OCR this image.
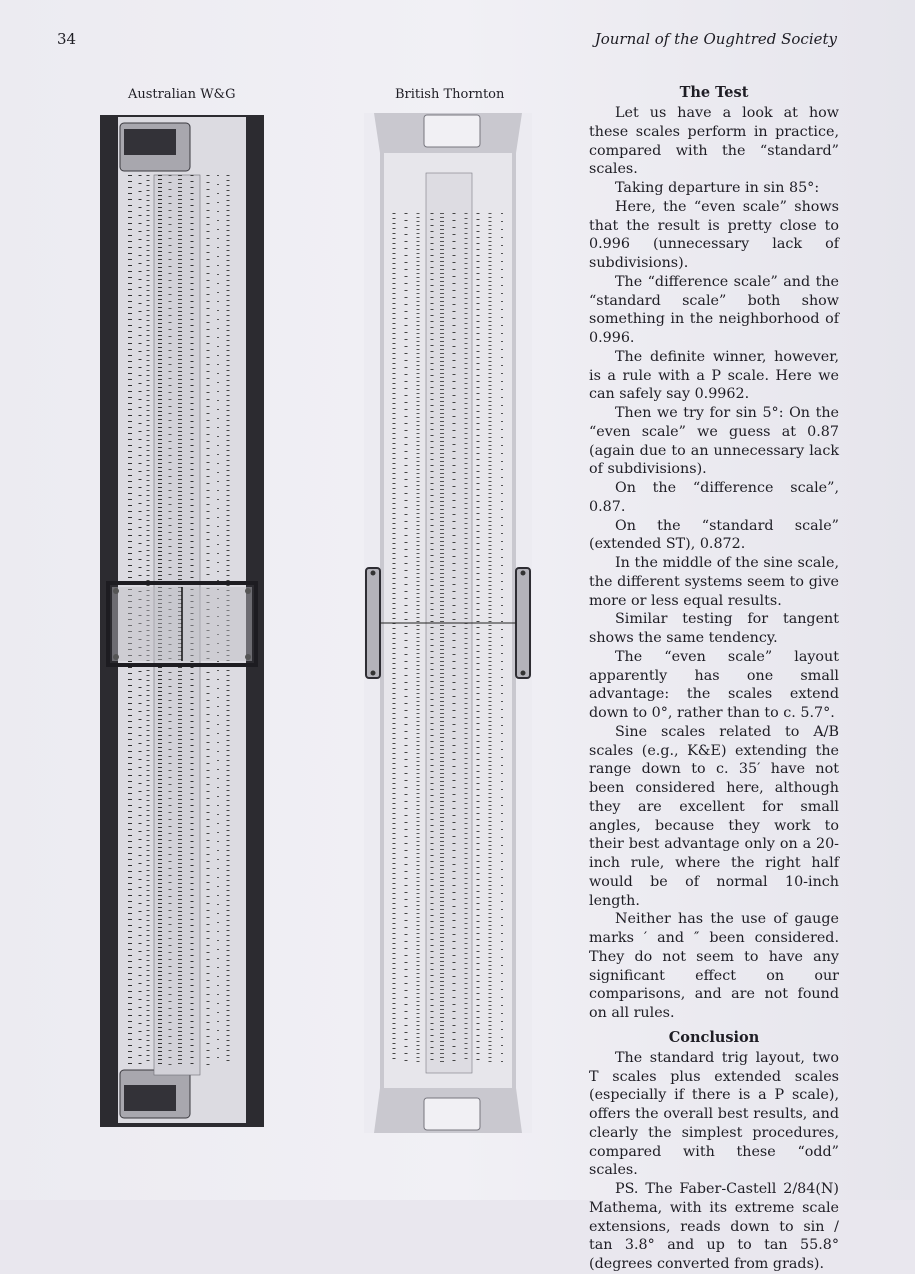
34	Journal of the Oughtred Society
Australian W&G	British Thornton	The Test

Let us have a look at how these scales perform in practice, compared with the “standard” scales.

Taking departure in sin 85°:

Here, the “even scale” shows that the result is pretty close to 0.996 (unnecessary lack of subdivisions).

The “difference scale” and the “standard scale” both show something in the neighborhood of 0.996.

The definite winner, however, is a rule with a P scale. Here we can safely say 0.9962.

Then we try for sin 5°: On the “even scale” we guess at 0.87 (again due to an unnecessary lack of subdivisions).

On the “difference scale”, 0.87.

On the “standard scale” (extended ST), 0.872.

In the middle of the sine scale, the different systems seem to give more or less equal results.

Similar testing for tangent shows the same tendency.

The “even scale” layout apparently has one small advantage: the scales extend down to 0°, rather than to c. 5.7°.

Sine scales related to A/B scales (e.g., K&E) extending the range down to c. 35′ have not been considered here, although they are excellent for small angles, because they work to their best advantage only on a 20-inch rule, where the right half would be of normal 10-inch length.

Neither has the use of gauge marks ′ and ″ been considered. They do not seem to have any significant effect on our comparisons, and are not found on all rules.

Conclusion

The standard trig layout, two T scales plus extended scales (especially if there is a P scale), offers the overall best results, and clearly the simplest procedures, compared with these “odd” scales.

PS. The Faber-Castell 2/84(N) Mathema, with its extreme scale extensions, reads down to sin / tan 3.8° and up to tan 55.8° (degrees converted from grads).
